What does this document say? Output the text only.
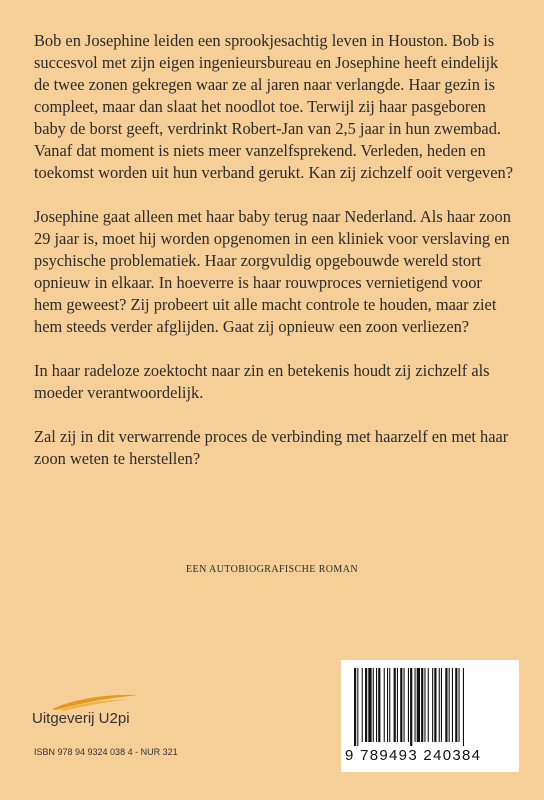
Bob en Josephine leiden een sprookjesachtig leven in Houston. Bob is succesvol met zijn eigen ingenieursbureau en Josephine heeft eindelijk de twee zonen gekregen waar ze al jaren naar verlangde. Haar gezin is compleet, maar dan slaat het noodlot toe. Terwijl zij haar pasgeboren baby de borst geeft, verdrinkt Robert-Jan van 2,5 jaar in hun zwembad. Vanaf dat moment is niets meer vanzelfsprekend. Verleden, heden en toekomst worden uit hun verband gerukt. Kan zij zichzelf ooit vergeven?

Josephine gaat alleen met haar baby terug naar Nederland. Als haar zoon 29 jaar is, moet hij worden opgenomen in een kliniek voor verslaving en psychische problematiek. Haar zorgvuldig opgebouwde wereld stort opnieuw in elkaar. In hoeverre is haar rouwproces vernietigend voor hem geweest? Zij probeert uit alle macht controle te houden, maar ziet hem steeds verder afglijden. Gaat zij opnieuw een zoon verliezen?

In haar radeloze zoektocht naar zin en betekenis houdt zij zichzelf als moeder verantwoordelijk.

Zal zij in dit verwarrende proces de verbinding met haarzelf en met haar zoon weten te herstellen?

EEN AUTOBIOGRAFISCHE ROMAN
Uitgeverij U2pi
ISBN 978 94 9324 038 4 - NUR 321	9 789493 240384
